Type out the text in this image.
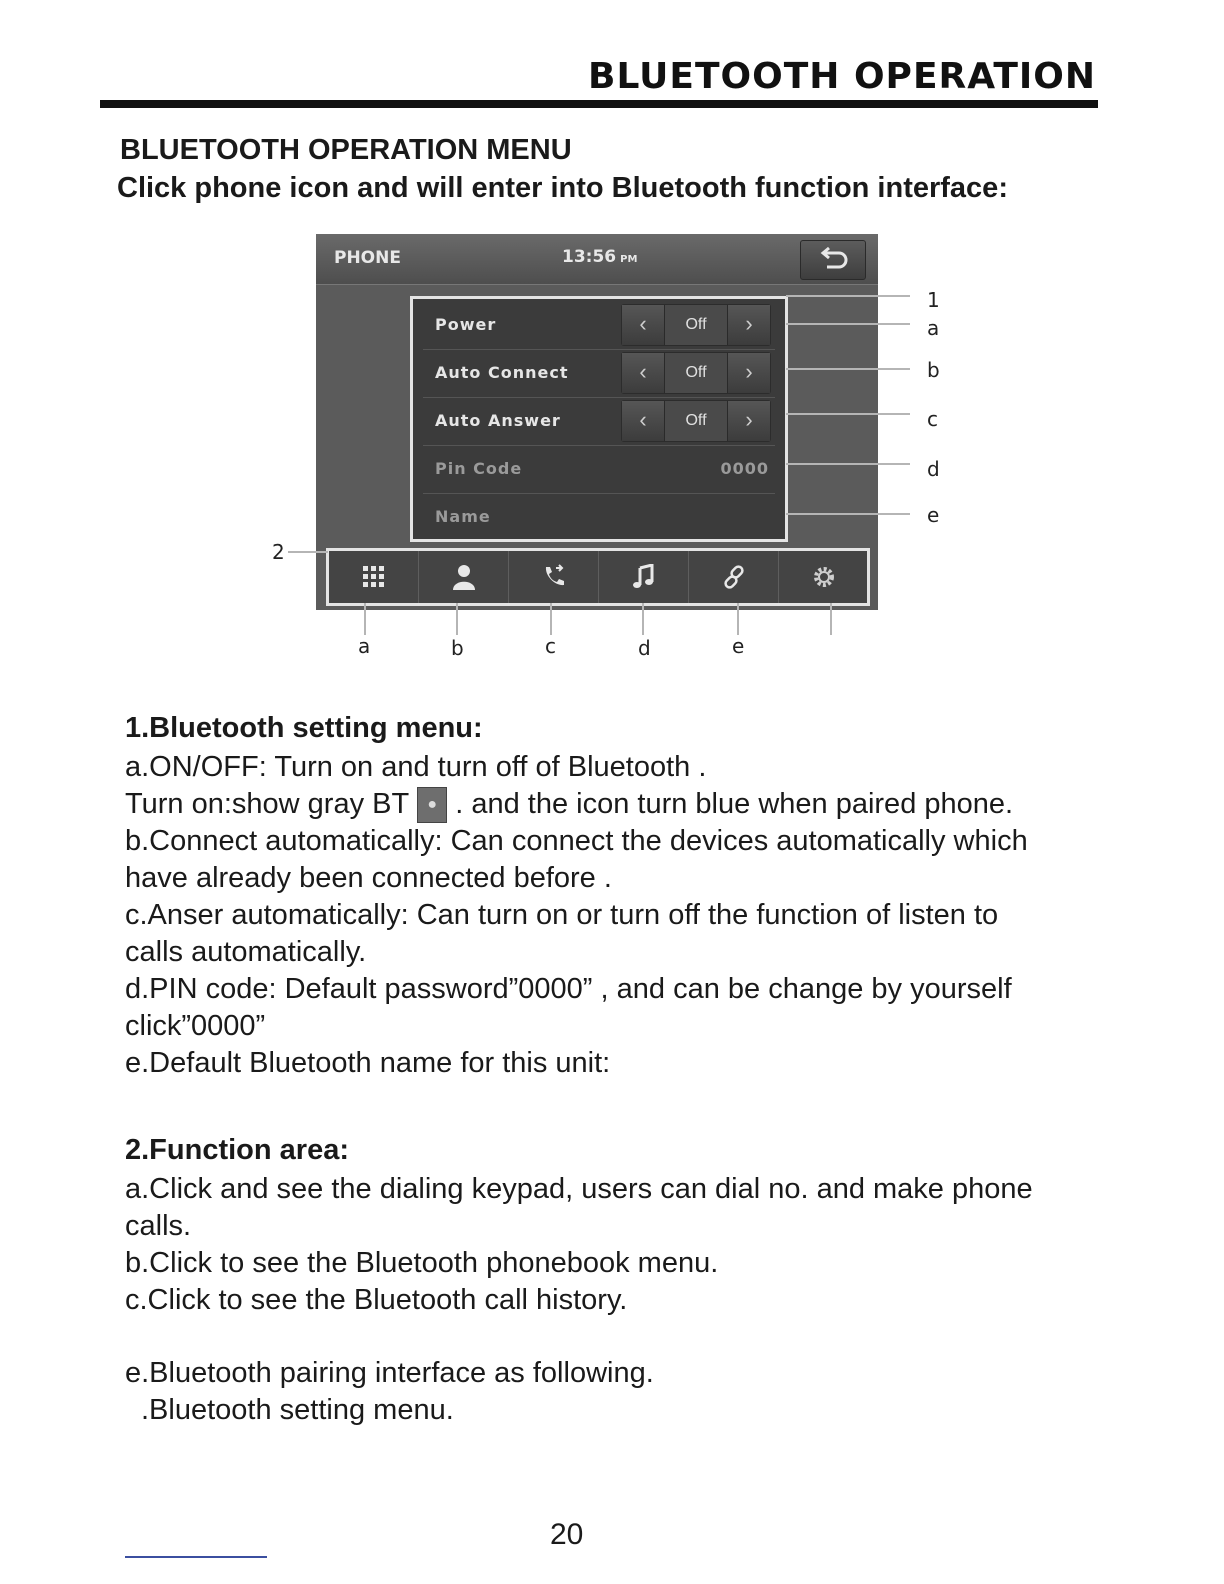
BLUETOOTH OPERATION
BLUETOOTH OPERATION MENU
Click phone icon and will enter into Bluetooth function interface:
PHONE	13:56 PM
Power	‹	Off	›
Auto Connect	‹	Off	›
Auto Answer	‹	Off	›
Pin Code	0000
Name
1
a
b
c
d
e
2
a	b	c	d	e
1.Bluetooth setting menu:
a.ON/OFF: Turn on and turn off of Bluetooth .
Turn on:show gray BT ● . and the icon turn blue when paired phone.
b.Connect automatically: Can connect the devices automatically which
have already been connected before .
c.Anser automatically: Can turn on or turn off the function of listen to
calls automatically.
d.PIN code: Default password”0000” , and can be change by yourself
click”0000”
e.Default Bluetooth name for this unit:
2.Function area:
a.Click and see the dialing keypad, users can dial no. and make phone
calls.
b.Click to see the Bluetooth phonebook menu.
c.Click to see the Bluetooth call history.
e.Bluetooth pairing interface as following.
.Bluetooth setting menu.
20
